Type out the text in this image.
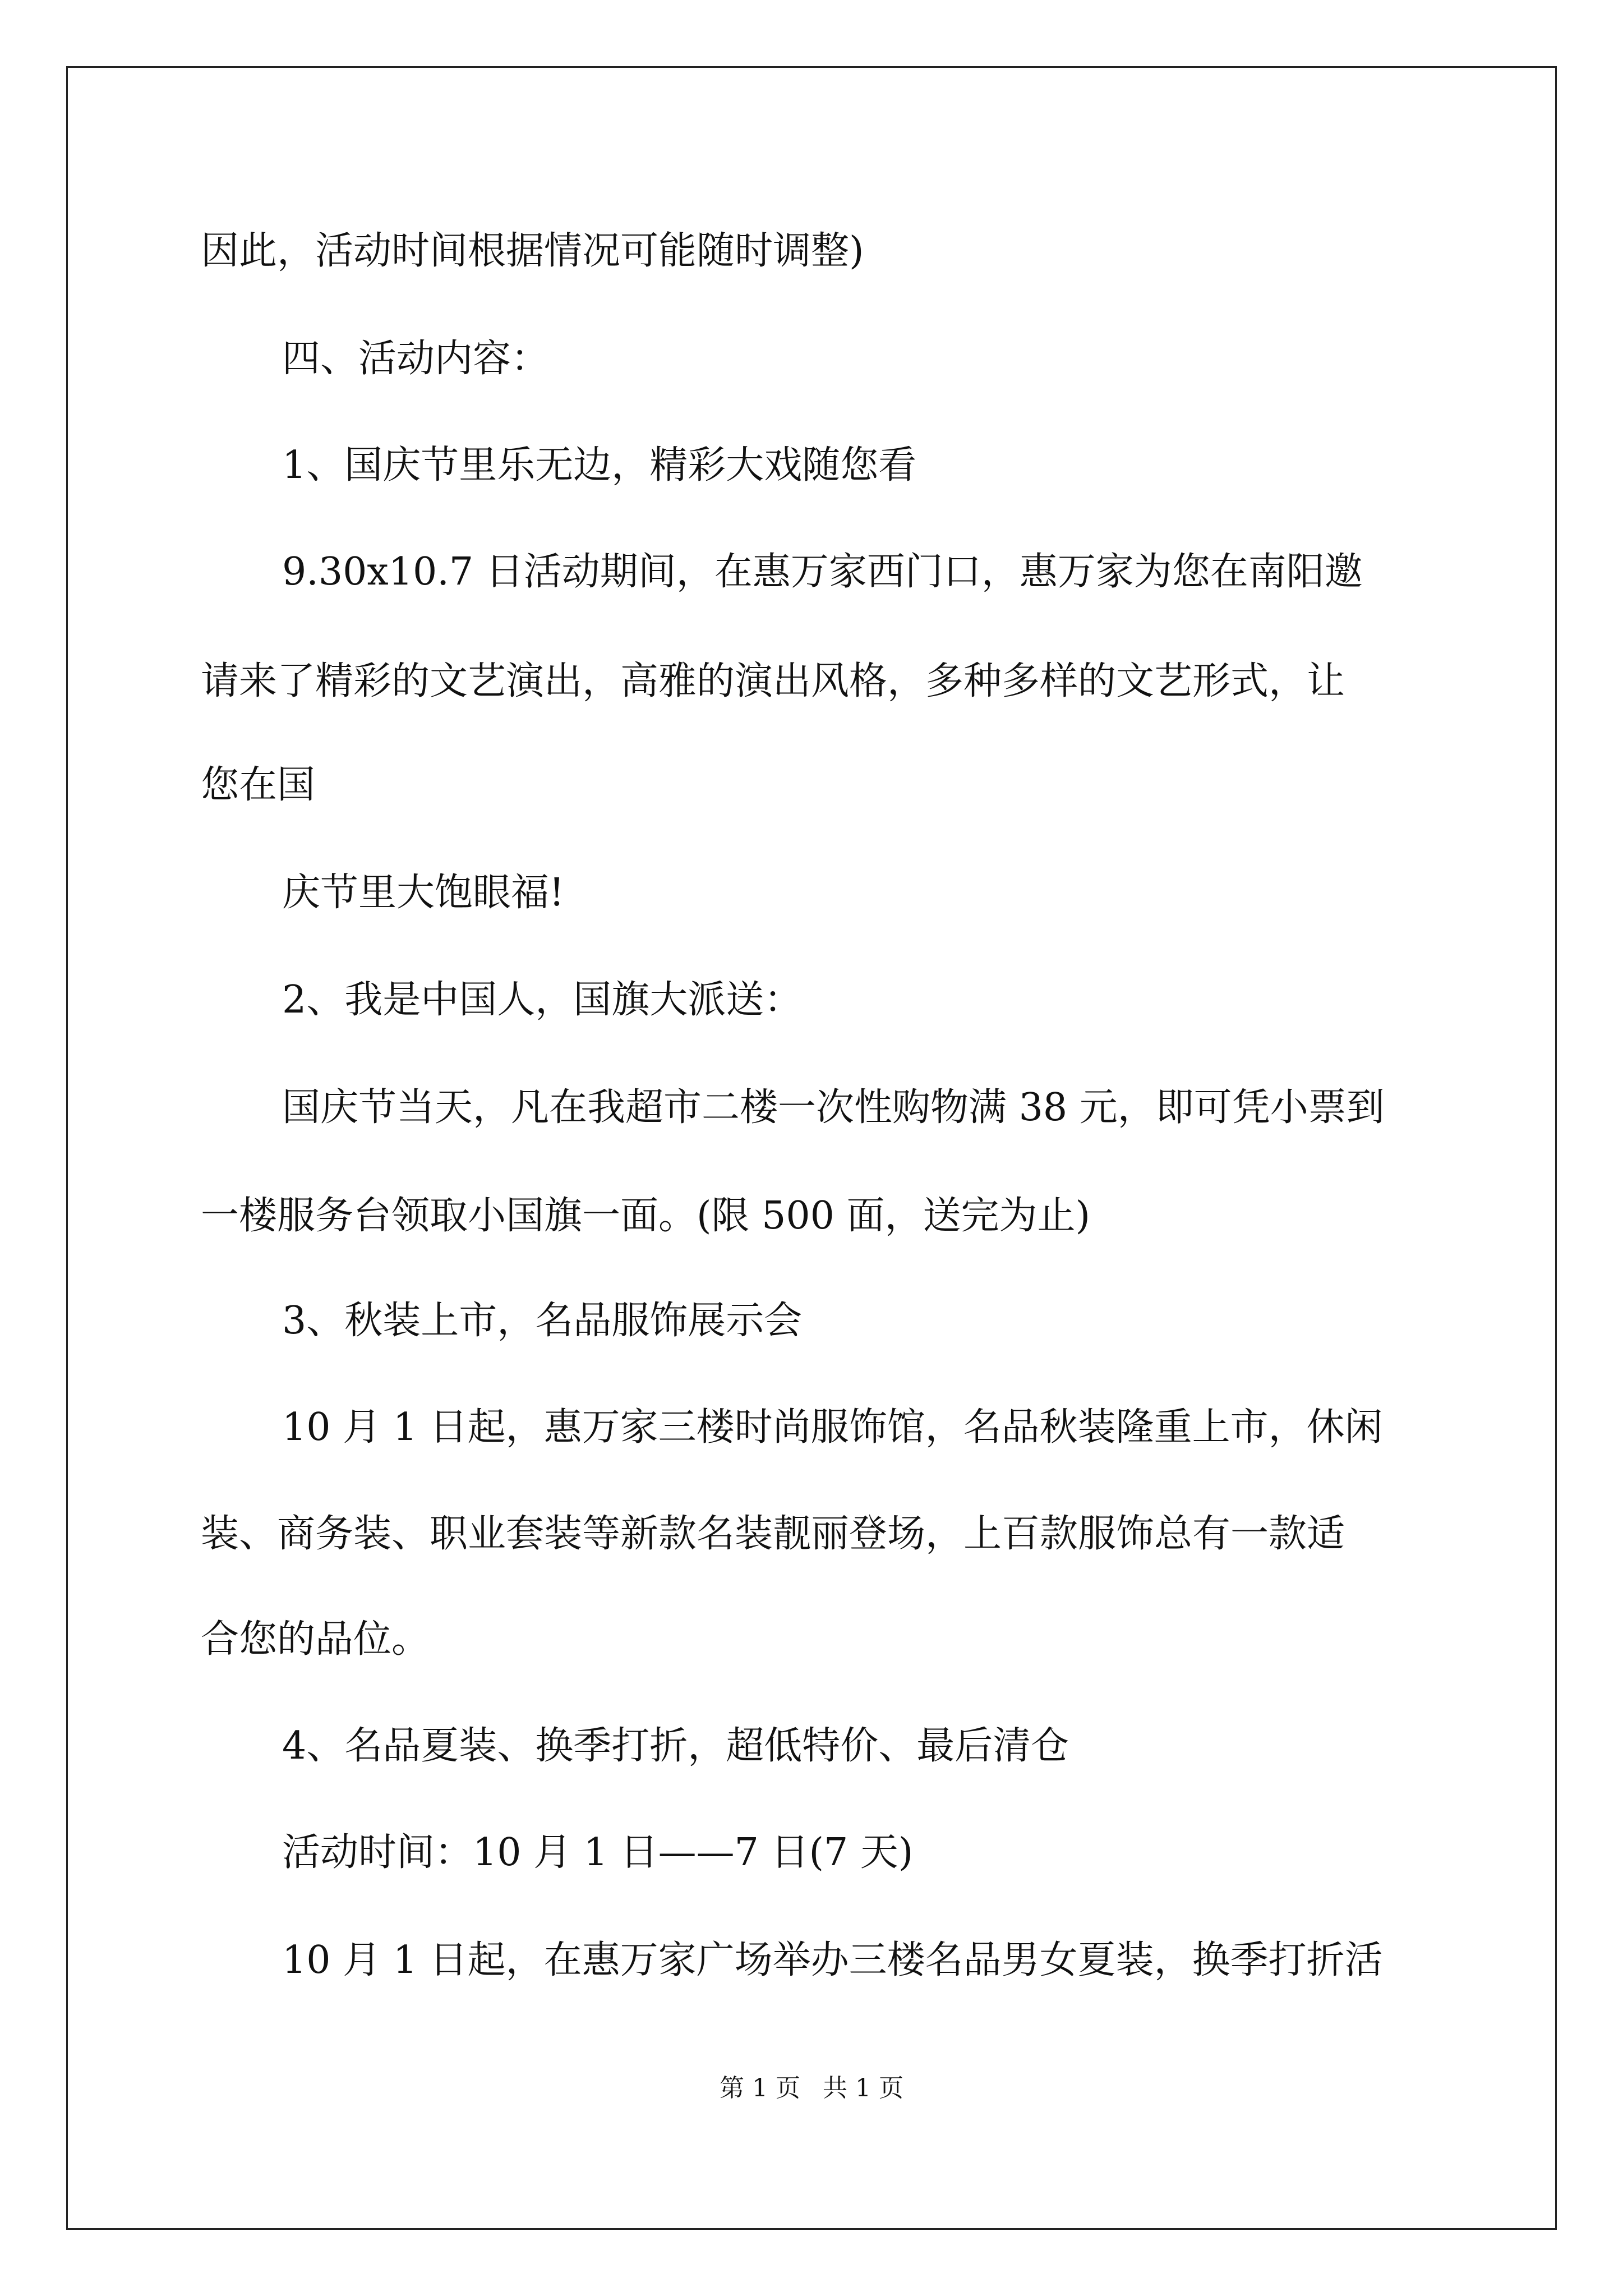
因此，活动时间根据情况可能随时调整)
四、活动内容：
1、国庆节里乐无边，精彩大戏随您看
9.30x10.7 日活动期间，在惠万家西门口，惠万家为您在南阳邀
请来了精彩的文艺演出，高雅的演出风格，多种多样的文艺形式，让
您在国
庆节里大饱眼福!
2、我是中国人，国旗大派送：
国庆节当天，凡在我超市二楼一次性购物满 38 元，即可凭小票到
一楼服务台领取小国旗一面。(限 500 面，送完为止)
3、秋装上市，名品服饰展示会
10 月 1 日起，惠万家三楼时尚服饰馆，名品秋装隆重上市，休闲
装、商务装、职业套装等新款名装靓丽登场，上百款服饰总有一款适
合您的品位。
4、名品夏装、换季打折，超低特价、最后清仓
活动时间：10 月 1 日——7 日(7 天)
10 月 1 日起，在惠万家广场举办三楼名品男女夏装，换季打折活
第 1 页 共 1 页
